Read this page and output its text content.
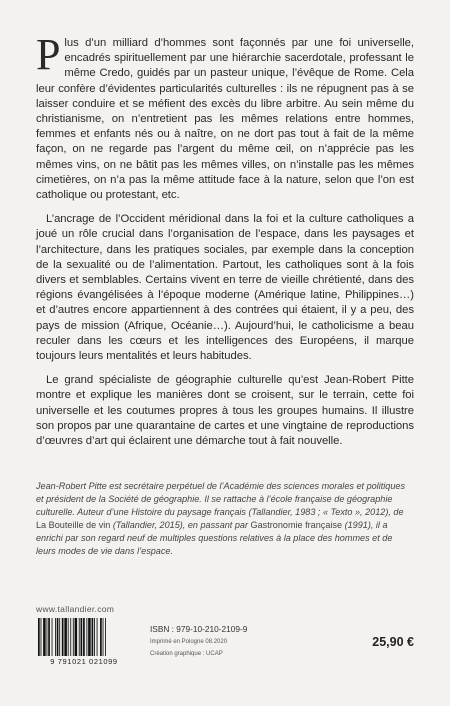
Plus d’un milliard d’hommes sont façonnés par une foi universelle, encadrés spirituellement par une hiérarchie sacerdotale, professant le même Credo, guidés par un pasteur unique, l’évêque de Rome. Cela leur confère d’évidentes particularités culturelles : ils ne répugnent pas à se laisser conduire et se méfient des excès du libre arbitre. Au sein même du christianisme, on n’entretient pas les mêmes relations entre hommes, femmes et enfants nés ou à naître, on ne dort pas tout à fait de la même façon, on ne regarde pas l’argent du même œil, on n’apprécie pas les mêmes vins, on ne bâtit pas les mêmes villes, on n’installe pas les mêmes cimetières, on n’a pas la même attitude face à la nature, selon que l’on est catholique ou protestant, etc.

L’ancrage de l’Occident méridional dans la foi et la culture catholiques a joué un rôle crucial dans l’organisation de l’espace, dans les paysages et l’architecture, dans les pratiques sociales, par exemple dans la conception de la sexualité ou de l’alimentation. Partout, les catholiques sont à la fois divers et semblables. Certains vivent en terre de vieille chrétienté, dans des régions évangélisées à l’époque moderne (Amérique latine, Philippines…) et d’autres encore appartiennent à des contrées qui étaient, il y a peu, des pays de mission (Afrique, Océanie…). Aujourd’hui, le catholicisme a beau reculer dans les cœurs et les intelligences des Européens, il marque toujours leurs mentalités et leurs habitudes.

Le grand spécialiste de géographie culturelle qu’est Jean-Robert Pitte montre et explique les manières dont se croisent, sur le terrain, cette foi universelle et les coutumes propres à tous les groupes humains. Il illustre son propos par une quarantaine de cartes et une vingtaine de reproductions d’œuvres d’art qui éclairent une démarche tout à fait nouvelle.

Jean-Robert Pitte est secrétaire perpétuel de l’Académie des sciences morales et politiques et président de la Société de géographie. Il se rattache à l’école française de géographie culturelle. Auteur d’une Histoire du paysage français (Tallandier, 1983 ; « Texto », 2012), de La Bouteille de vin (Tallandier, 2015), en passant par Gastronomie française (1991), il a enrichi par son regard neuf de multiples questions relatives à la place des hommes et de leurs modes de vie dans l’espace.
www.tallandier.com
9 791021 021099
ISBN : 979-10-210-2109-9
Imprimé en Pologne 08.2020
Création graphique : UCAP
25,90 €
